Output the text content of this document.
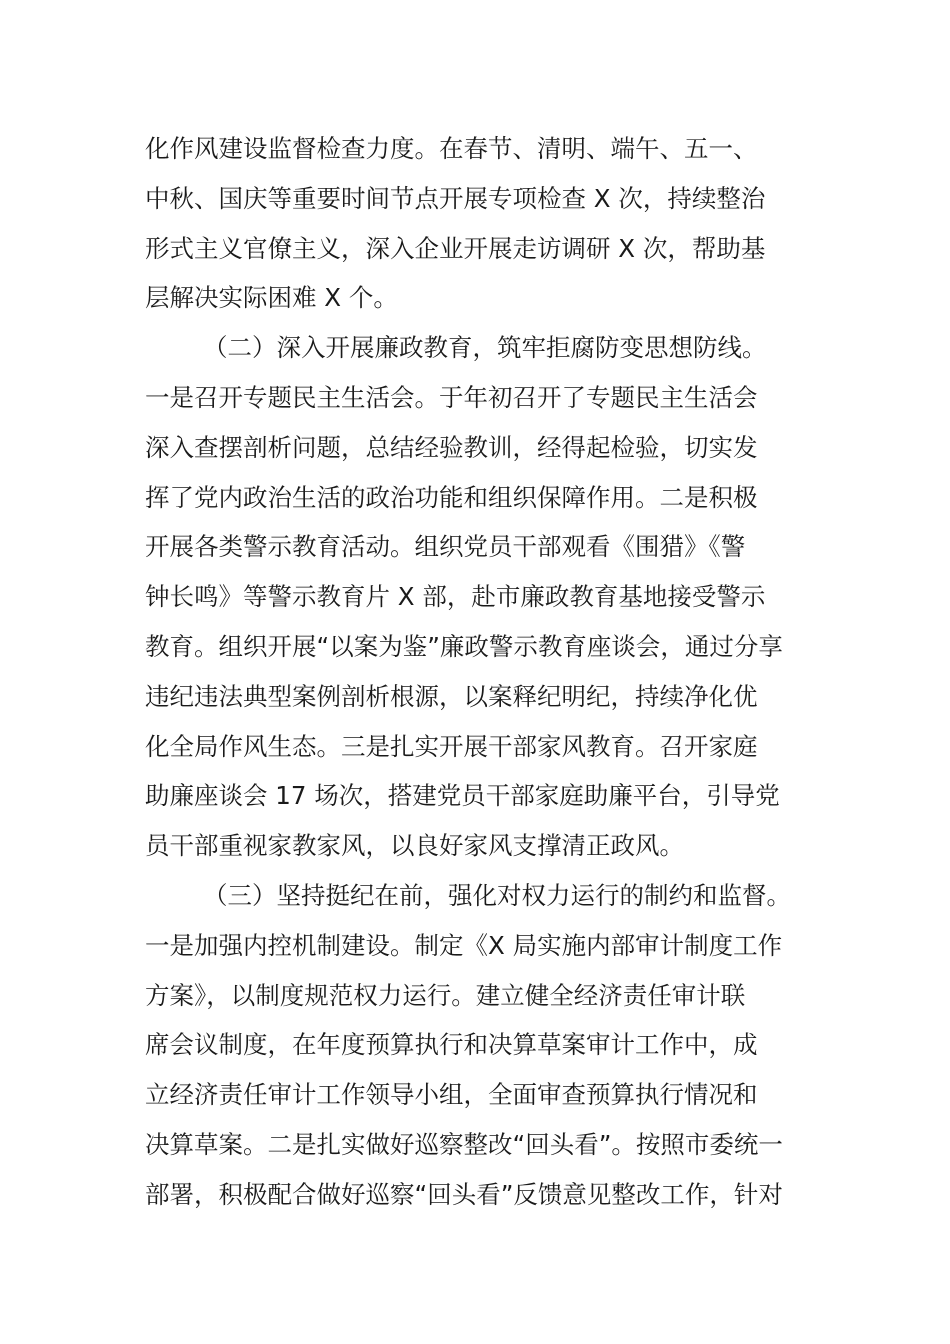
化作风建设监督检查力度。在春节、清明、端午、五一、
中秋、国庆等重要时间节点开展专项检查 X 次，持续整治
形式主义官僚主义，深入企业开展走访调研 X 次，帮助基
层解决实际困难 X 个。
（二）深入开展廉政教育，筑牢拒腐防变思想防线。
一是召开专题民主生活会。于年初召开了专题民主生活会
深入查摆剖析问题，总结经验教训，经得起检验，切实发
挥了党内政治生活的政治功能和组织保障作用。二是积极
开展各类警示教育活动。组织党员干部观看《围猎》《警
钟长鸣》等警示教育片 X 部，赴市廉政教育基地接受警示
教育。组织开展“以案为鉴”廉政警示教育座谈会，通过分享
违纪违法典型案例剖析根源，以案释纪明纪，持续净化优
化全局作风生态。三是扎实开展干部家风教育。召开家庭
助廉座谈会 17 场次，搭建党员干部家庭助廉平台，引导党
员干部重视家教家风，以良好家风支撑清正政风。
（三）坚持挺纪在前，强化对权力运行的制约和监督。
一是加强内控机制建设。制定《X 局实施内部审计制度工作
方案》，以制度规范权力运行。建立健全经济责任审计联
席会议制度，在年度预算执行和决算草案审计工作中，成
立经济责任审计工作领导小组，全面审查预算执行情况和
决算草案。二是扎实做好巡察整改“回头看”。按照市委统一
部署，积极配合做好巡察“回头看”反馈意见整改工作，针对
